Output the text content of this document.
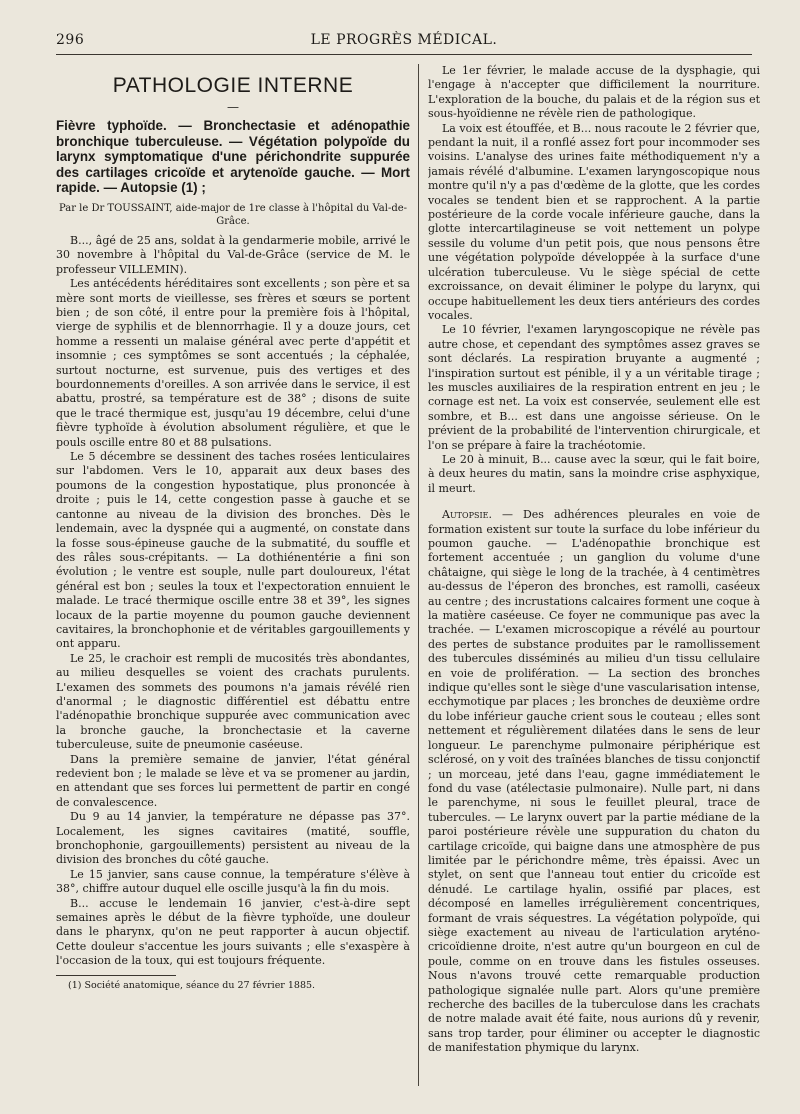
296	LE PROGRÈS MÉDICAL.
PATHOLOGIE INTERNE
—

Fièvre typhoïde. — Bronchectasie et adénopathie bronchique tuberculeuse. — Végétation polypoïde du larynx symptomatique d'une périchondrite suppurée des cartilages cricoïde et arytenoïde gauche. — Mort rapide. — Autopsie (1) ;

Par le Dr TOUSSAINT, aide-major de 1re classe à l'hôpital du Val-de-Grâce.

B..., âgé de 25 ans, soldat à la gendarmerie mobile, arrivé le 30 novembre à l'hôpital du Val-de-Grâce (service de M. le professeur VILLEMIN).

Les antécédents héréditaires sont excellents ; son père et sa mère sont morts de vieillesse, ses frères et sœurs se portent bien ; de son côté, il entre pour la première fois à l'hôpital, vierge de syphilis et de blennorrhagie. Il y a douze jours, cet homme a ressenti un malaise général avec perte d'appétit et insomnie ; ces symptômes se sont accentués ; la céphalée, surtout nocturne, est survenue, puis des vertiges et des bourdonnements d'oreilles. A son arrivée dans le service, il est abattu, prostré, sa température est de 38° ; disons de suite que le tracé thermique est, jusqu'au 19 décembre, celui d'une fièvre typhoïde à évolution absolument régulière, et que le pouls oscille entre 80 et 88 pulsations.

Le 5 décembre se dessinent des taches rosées lenticulaires sur l'abdomen. Vers le 10, apparait aux deux bases des poumons de la congestion hypostatique, plus prononcée à droite ; puis le 14, cette congestion passe à gauche et se cantonne au niveau de la division des bronches. Dès le lendemain, avec la dyspnée qui a augmenté, on constate dans la fosse sous-épineuse gauche de la submatité, du souffle et des râles sous-crépitants. — La dothiénentérie a fini son évolution ; le ventre est souple, nulle part douloureux, l'état général est bon ; seules la toux et l'expectoration ennuient le malade. Le tracé thermique oscille entre 38 et 39°, les signes locaux de la partie moyenne du poumon gauche deviennent cavitaires, la bronchophonie et de véritables gargouillements y ont apparu.

Le 25, le crachoir est rempli de mucosités très abondantes, au milieu desquelles se voient des crachats purulents. L'examen des sommets des poumons n'a jamais révélé rien d'anormal ; le diagnostic différentiel est débattu entre l'adénopathie bronchique suppurée avec communication avec la bronche gauche, la bronchectasie et la caverne tuberculeuse, suite de pneumonie caséeuse.

Dans la première semaine de janvier, l'état général redevient bon ; le malade se lève et va se promener au jardin, en attendant que ses forces lui permettent de partir en congé de convalescence.

Du 9 au 14 janvier, la température ne dépasse pas 37°. Localement, les signes cavitaires (matité, souffle, bronchophonie, gargouillements) persistent au niveau de la division des bronches du côté gauche.

Le 15 janvier, sans cause connue, la température s'élève à 38°, chiffre autour duquel elle oscille jusqu'à la fin du mois.

B... accuse le lendemain 16 janvier, c'est-à-dire sept semaines après le début de la fièvre typhoïde, une douleur dans le pharynx, qu'on ne peut rapporter à aucun objectif. Cette douleur s'accentue les jours suivants ; elle s'exaspère à l'occasion de la toux, qui est toujours fréquente.

(1) Société anatomique, séance du 27 février 1885.

Le 1er février, le malade accuse de la dysphagie, qui l'engage à n'accepter que difficilement la nourriture. L'exploration de la bouche, du palais et de la région sus et sous-hyoïdienne ne révèle rien de pathologique.

La voix est étouffée, et B... nous racoute le 2 février que, pendant la nuit, il a ronflé assez fort pour incommoder ses voisins. L'analyse des urines faite méthodiquement n'y a jamais révélé d'albumine. L'examen laryngoscopique nous montre qu'il n'y a pas d'œdème de la glotte, que les cordes vocales se tendent bien et se rapprochent. A la partie postérieure de la corde vocale inférieure gauche, dans la glotte intercartilagineuse se voit nettement un polype sessile du volume d'un petit pois, que nous pensons être une végétation polypoïde développée à la surface d'une ulcération tuberculeuse. Vu le siège spécial de cette excroissance, on devait éliminer le polype du larynx, qui occupe habituellement les deux tiers antérieurs des cordes vocales.

Le 10 février, l'examen laryngoscopique ne révèle pas autre chose, et cependant des symptômes assez graves se sont déclarés. La respiration bruyante a augmenté ; l'inspiration surtout est pénible, il y a un véritable tirage ; les muscles auxiliaires de la respiration entrent en jeu ; le cornage est net. La voix est conservée, seulement elle est sombre, et B... est dans une angoisse sérieuse. On le prévient de la probabilité de l'intervention chirurgicale, et l'on se prépare à faire la trachéotomie.

Le 20 à minuit, B... cause avec la sœur, qui le fait boire, à deux heures du matin, sans la moindre crise asphyxique, il meurt.

Autopsie. — Des adhérences pleurales en voie de formation existent sur toute la surface du lobe inférieur du poumon gauche. — L'adénopathie bronchique est fortement accentuée ; un ganglion du volume d'une châtaigne, qui siège le long de la trachée, à 4 centimètres au-dessus de l'éperon des bronches, est ramolli, caséeux au centre ; des incrustations calcaires forment une coque à la matière caséeuse. Ce foyer ne communique pas avec la trachée. — L'examen microscopique a révélé au pourtour des pertes de substance produites par le ramollissement des tubercules disséminés au milieu d'un tissu cellulaire en voie de prolifération. — La section des bronches indique qu'elles sont le siège d'une vascularisation intense, ecchymotique par places ; les bronches de deuxième ordre du lobe inférieur gauche crient sous le couteau ; elles sont nettement et régulièrement dilatées dans le sens de leur longueur. Le parenchyme pulmonaire périphérique est sclérosé, on y voit des traînées blanches de tissu conjonctif ; un morceau, jeté dans l'eau, gagne immédiatement le fond du vase (atélectasie pulmonaire). Nulle part, ni dans le parenchyme, ni sous le feuillet pleural, trace de tubercules. — Le larynx ouvert par la partie médiane de la paroi postérieure révèle une suppuration du chaton du cartilage cricoïde, qui baigne dans une atmosphère de pus limitée par le périchondre même, très épaissi. Avec un stylet, on sent que l'anneau tout entier du cricoïde est dénudé. Le cartilage hyalin, ossifié par places, est décomposé en lamelles irrégulièrement concentriques, formant de vrais séquestres. La végétation polypoïde, qui siège exactement au niveau de l'articulation aryténo-cricoïdienne droite, n'est autre qu'un bourgeon en cul de poule, comme on en trouve dans les fistules osseuses. Nous n'avons trouvé cette remarquable production pathologique signalée nulle part. Alors qu'une première recherche des bacilles de la tuberculose dans les crachats de notre malade avait été faite, nous aurions dû y revenir, sans trop tarder, pour éliminer ou accepter le diagnostic de manifestation phymique du larynx.
